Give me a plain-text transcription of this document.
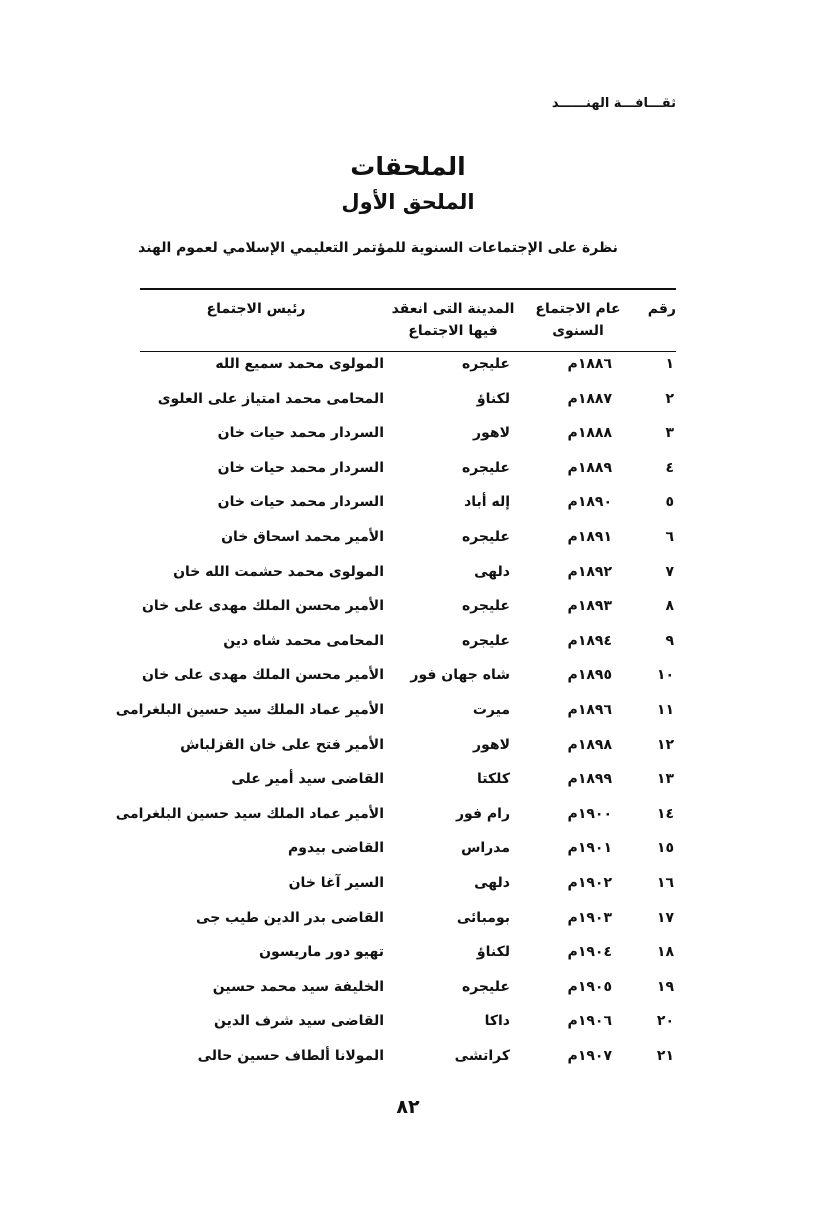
ثقـــافـــة الهنــــــد
الملحقات
الملحق الأول
نظرة على الإجتماعات السنوية للمؤتمر التعليمي الإسلامي لعموم الهند
رقم
عام الاجتماع
السنوى
المدينة التى انعقد
فيها الاجتماع
رئيس الاجتماع
١
١٨٨٦م
عليجره
المولوى محمد سميع الله
٢
١٨٨٧م
لكناؤ
المحامى محمد امتياز على العلوى
٣
١٨٨٨م
لاهور
السردار محمد حيات خان
٤
١٨٨٩م
عليجره
السردار محمد حيات خان
٥
١٨٩٠م
إله أباد
السردار محمد حيات خان
٦
١٨٩١م
عليجره
الأمير محمد اسحاق خان
٧
١٨٩٢م
دلهى
المولوى محمد حشمت الله خان
٨
١٨٩٣م
عليجره
الأمير محسن الملك مهدى على خان
٩
١٨٩٤م
عليجره
المحامى محمد شاه دين
١٠
١٨٩٥م
شاه جهان فور
الأمير محسن الملك مهدى على خان
١١
١٨٩٦م
ميرت
الأمير عماد الملك سيد حسين البلغرامى
١٢
١٨٩٨م
لاهور
الأمير فتح على خان القزلباش
١٣
١٨٩٩م
كلكتا
القاضى سيد أمير على
١٤
١٩٠٠م
رام فور
الأمير عماد الملك سيد حسين البلغرامى
١٥
١٩٠١م
مدراس
القاضى بيدوم
١٦
١٩٠٢م
دلهى
السير آغا خان
١٧
١٩٠٣م
بومبائى
القاضى بدر الدين طيب جى
١٨
١٩٠٤م
لكناؤ
تهيو دور ماريسون
١٩
١٩٠٥م
عليجره
الخليفة سيد محمد حسين
٢٠
١٩٠٦م
داكا
القاضى سيد شرف الدين
٢١
١٩٠٧م
كراتشى
المولانا ألطاف حسين حالى
٨٢
